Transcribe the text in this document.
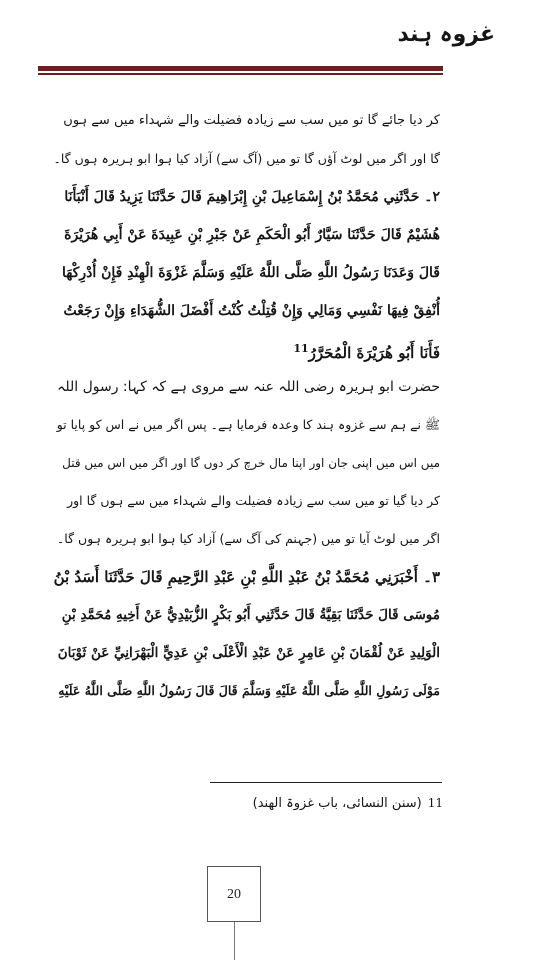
غزوہ ہند
کر دیا جائے گا تو میں سب سے زیادہ فضیلت والے شہداء میں سے ہوں
گا اور اگر میں لوٹ آؤں گا تو میں (آگ سے) آزاد کیا ہوا ابو ہریرہ ہوں گا۔
۲۔ حَدَّثَنِي مُحَمَّدُ بْنُ إِسْمَاعِيلَ بْنِ إِبْرَاهِيمَ قَالَ حَدَّثَنَا يَزِيدُ قَالَ أَنْبَأَنَا
هُشَيْمٌ قَالَ حَدَّثَنَا سَيَّارٌ أَبُو الْحَكَمِ عَنْ جَبْرِ بْنِ عَبِيدَةَ عَنْ أَبِي هُرَيْرَةَ
قَالَ وَعَدَنَا رَسُولُ اللَّهِ صَلَّى اللَّهُ عَلَيْهِ وَسَلَّمَ غَزْوَةَ الْهِنْدِ فَإِنْ أُدْرِكْهَا
أُنْفِقْ فِيهَا نَفْسِي وَمَالِي وَإِنْ قُتِلْتُ كُنْتُ أَفْضَلَ الشُّهَدَاءِ وَإِنْ رَجَعْتُ
فَأَنَا أَبُو هُرَيْرَةَ الْمُحَرَّرُ$^{11}$
حضرت ابو ہریرہ رضی اللہ عنہ سے مروی ہے کہ کہا: رسول اللہ
ﷺ نے ہم سے غزوہ ہند کا وعدہ فرمایا ہے۔ پس اگر میں نے اس کو پایا تو
میں اس میں اپنی جان اور اپنا مال خرچ کر دوں گا اور اگر میں اس میں قتل
کر دیا گیا تو میں سب سے زیادہ فضیلت والے شہداء میں سے ہوں گا اور
اگر میں لوٹ آیا تو میں (جہنم کی آگ سے) آزاد کیا ہوا ابو ہریرہ ہوں گا۔
۳۔ أَخْبَرَنِي مُحَمَّدُ بْنُ عَبْدِ اللَّهِ بْنِ عَبْدِ الرَّحِيمِ قَالَ حَدَّثَنَا أَسَدُ بْنُ
مُوسَى قَالَ حَدَّثَنَا بَقِيَّةُ قَالَ حَدَّثَنِي أَبُو بَكْرٍ الزُّبَيْدِيُّ عَنْ أَخِيهِ مُحَمَّدِ بْنِ
الْوَلِيدِ عَنْ لُقْمَانَ بْنِ عَامِرٍ عَنْ عَبْدِ الْأَعْلَى بْنِ عَدِيٍّ الْبَهْرَانِيِّ عَنْ ثَوْبَانَ
مَوْلَى رَسُولِ اللَّهِ صَلَّى اللَّهُ عَلَيْهِ وَسَلَّمَ قَالَ قَالَ رَسُولُ اللَّهِ صَلَّى اللَّهُ عَلَيْهِ
11(سنن النسائی، باب غزوۃ الھند)
20
